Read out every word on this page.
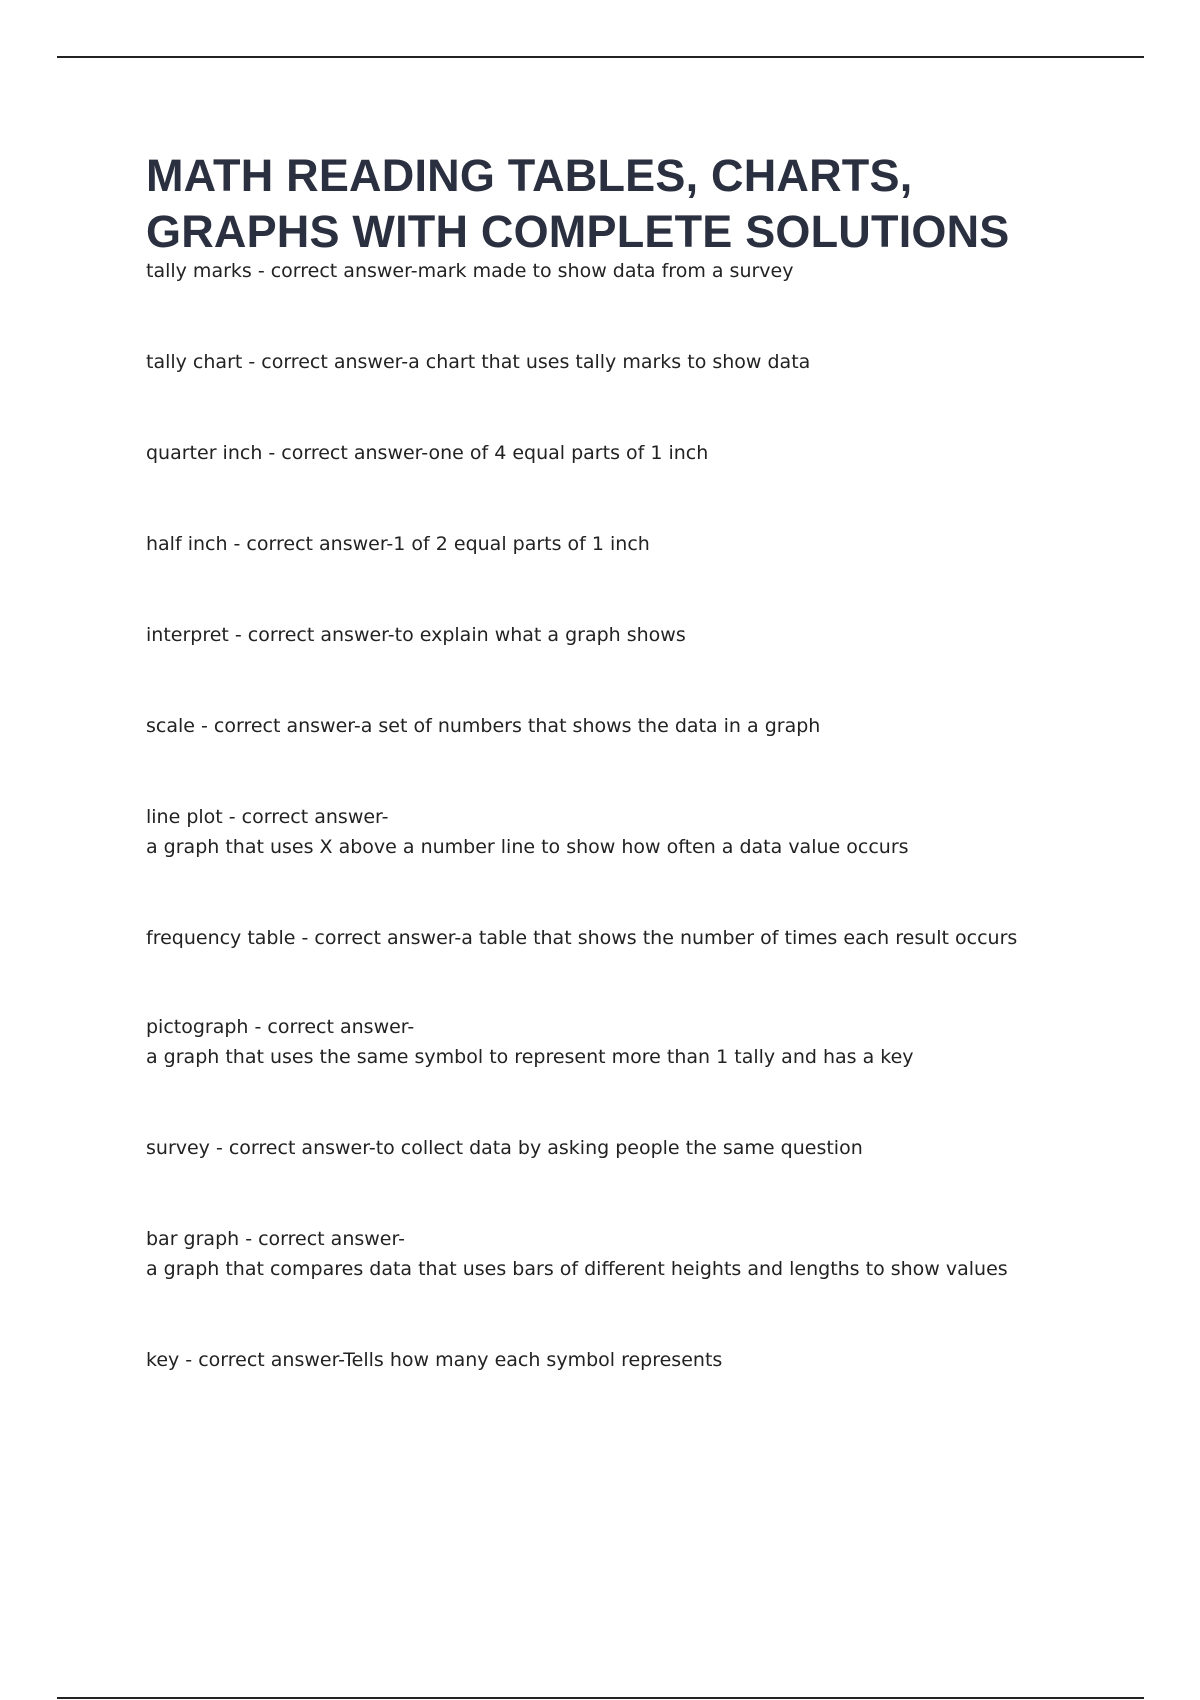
MATH READING TABLES, CHARTS,
GRAPHS WITH COMPLETE SOLUTIONS

tally marks - correct answer-mark made to show data from a survey

tally chart - correct answer-a chart that uses tally marks to show data

quarter inch - correct answer-one of 4 equal parts of 1 inch

half inch - correct answer-1 of 2 equal parts of 1 inch

interpret - correct answer-to explain what a graph shows

scale - correct answer-a set of numbers that shows the data in a graph

line plot - correct answer-
a graph that uses X above a number line to show how often a data value occurs

frequency table - correct answer-a table that shows the number of times each result occurs

pictograph - correct answer-
a graph that uses the same symbol to represent more than 1 tally and has a key

survey - correct answer-to collect data by asking people the same question

bar graph - correct answer-
a graph that compares data that uses bars of different heights and lengths to show values

key - correct answer-Tells how many each symbol represents
